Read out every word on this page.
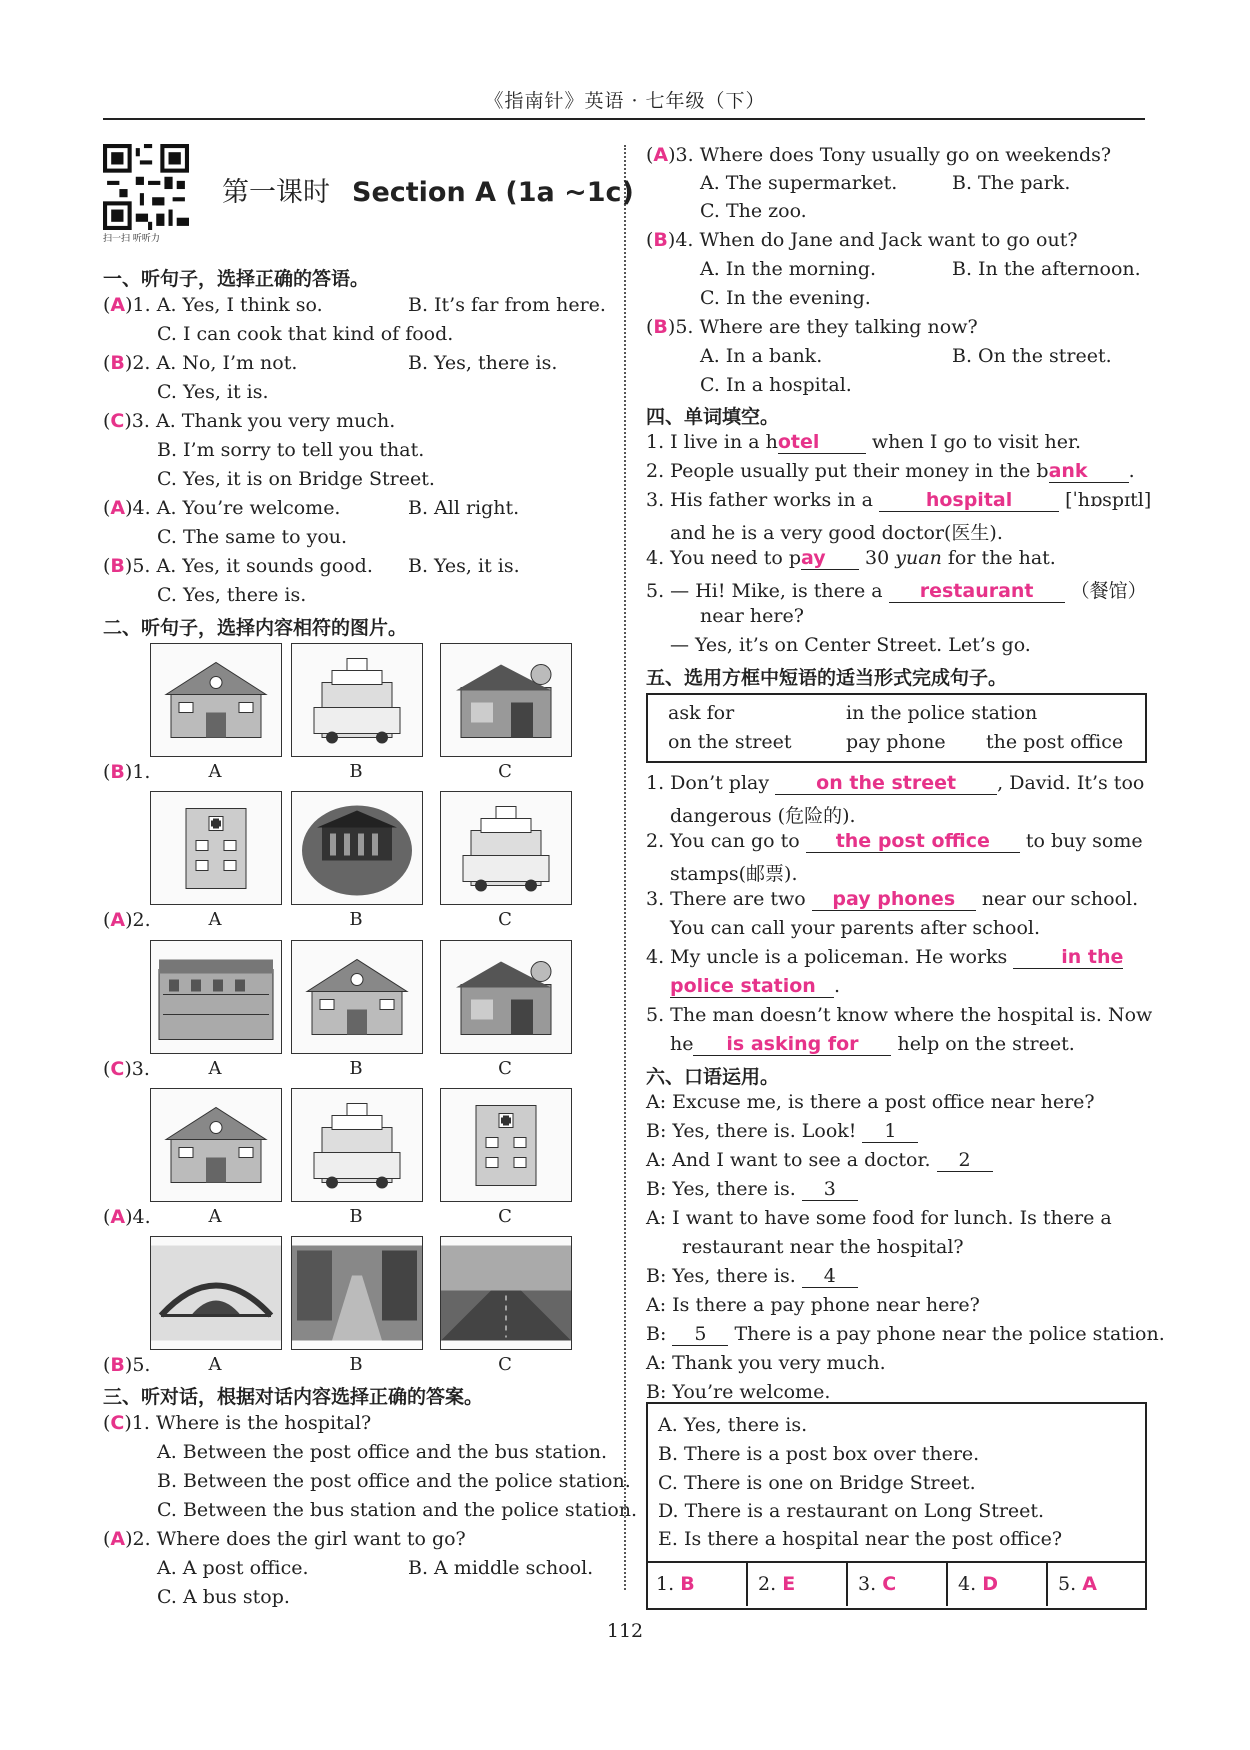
《指南针》英语 · 七年级（下）
扫一扫 听听力
第一课时 Section A (1a ~1c)
一、听句子，选择正确的答语。
(A)1. A. Yes, I think so.	B. It’s far from here.
C. I can cook that kind of food.
(B)2. A. No, I’m not.	B. Yes, there is.
C. Yes, it is.
(C)3. A. Thank you very much.
B. I’m sorry to tell you that.
C. Yes, it is on Bridge Street.
(A)4. A. You’re welcome.	B. All right.
C. The same to you.
(B)5. A. Yes, it sounds good. B. Yes, it is.
C. Yes, there is.
二、听句子，选择内容相符的图片。
(B)1.	A	B	C
(A)2.	A	B	C
(C)3.	A	B	C
(A)4.	A	B	C
(B)5.	A	B	C
三、听对话，根据对话内容选择正确的答案。
(C)1. Where is the hospital?
A. Between the post office and the bus station.
B. Between the post office and the police station.
C. Between the bus station and the police station.
(A)2. Where does the girl want to go?
A. A post office.	B. A middle school.
C. A bus stop.
(A)3. Where does Tony usually go on weekends?
A. The supermarket.	B. The park.
C. The zoo.
(B)4. When do Jane and Jack want to go out?
A. In the morning.	B. In the afternoon.
C. In the evening.
(B)5. Where are they talking now?
A. In a bank.	B. On the street.
C. In a hospital.
四、单词填空。
1. I live in a hotel when I go to visit her.
2. People usually put their money in the bank .
3. His father works in a	hospital	[ˈhɒspɪtl]
and he is a very good doctor(医生).
4. You need to pay 30 yuan for the hat.
5. — Hi! Mike, is there a restaurant （餐馆）
near here?
— Yes, it’s on Center Street. Let’s go.
五、选用方框中短语的适当形式完成句子。
ask for	in the police station
on the street	pay phone the post office
1. Don’t play on the street , David. It’s too
dangerous (危险的).
2. You can go to the post office to buy some
stamps(邮票).
3. There are two pay phones near our school.
You can call your parents after school.
4. My uncle is a policeman. He works	in the
police station .
5. The man doesn’t know where the hospital is. Now
he is asking for help on the street.
六、口语运用。
A: Excuse me, is there a post office near here?
B: Yes, there is. Look! 1
A: And I want to see a doctor. 2
B: Yes, there is. 3
A: I want to have some food for lunch. Is there a
restaurant near the hospital?
B: Yes, there is. 4
A: Is there a pay phone near here?
B: 5 There is a pay phone near the police station.
A: Thank you very much.
B: You’re welcome.
A. Yes, there is.
B. There is a post box over there.
C. There is one on Bridge Street.
D. There is a restaurant on Long Street.
E. Is there a hospital near the post office?
1. B	2. E	3. C	4. D	5. A
112
